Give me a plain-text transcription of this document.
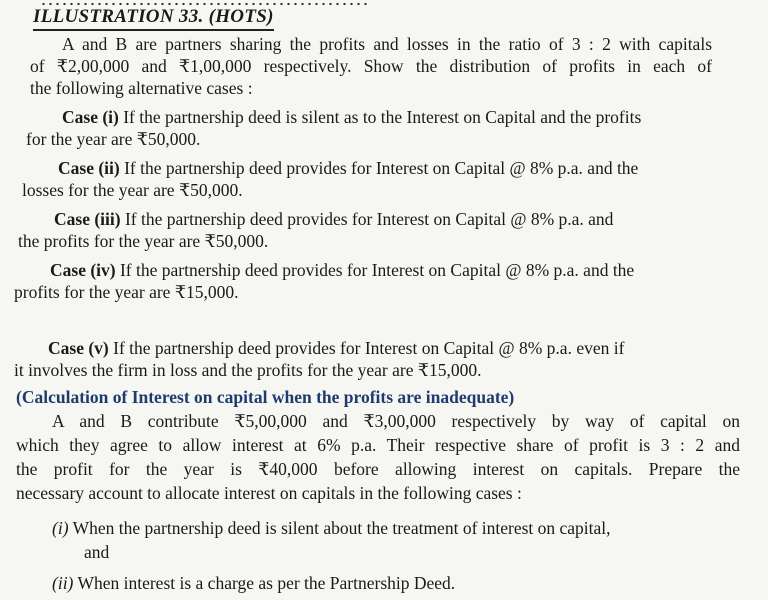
ILLUSTRATION 33. (HOTS)
A and B are partners sharing the profits and losses in the ratio of 3 : 2 with capitals
of ₹2,00,000 and ₹1,00,000 respectively. Show the distribution of profits in each of
the following alternative cases :
Case (i) If the partnership deed is silent as to the Interest on Capital and the profits
for the year are ₹50,000.
Case (ii) If the partnership deed provides for Interest on Capital @ 8% p.a. and the
losses for the year are ₹50,000.
Case (iii) If the partnership deed provides for Interest on Capital @ 8% p.a. and
the profits for the year are ₹50,000.
Case (iv) If the partnership deed provides for Interest on Capital @ 8% p.a. and the
profits for the year are ₹15,000.
Case (v) If the partnership deed provides for Interest on Capital @ 8% p.a. even if
it involves the firm in loss and the profits for the year are ₹15,000.
(Calculation of Interest on capital when the profits are inadequate)
A and B contribute ₹5,00,000 and ₹3,00,000 respectively by way of capital on
which they agree to allow interest at 6% p.a. Their respective share of profit is 3 : 2 and
the profit for the year is ₹40,000 before allowing interest on capitals. Prepare the
necessary account to allocate interest on capitals in the following cases :
(i) When the partnership deed is silent about the treatment of interest on capital,
and
(ii) When interest is a charge as per the Partnership Deed.
